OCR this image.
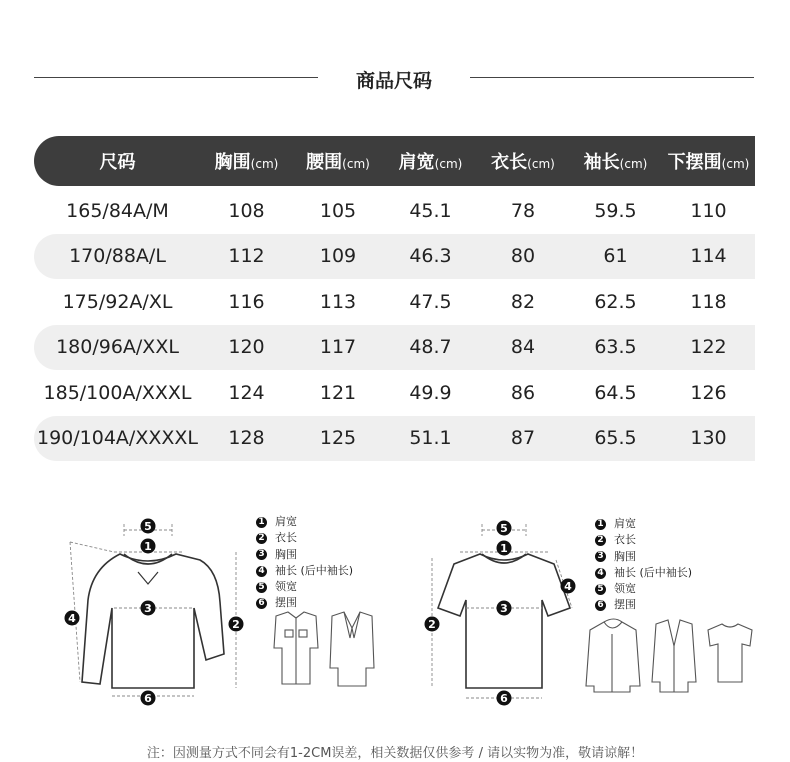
商品尺码
尺码	胸围(cm)	腰围(cm)	肩宽(cm)	衣长(cm)	袖长(cm)	下摆围(cm)
165/84A/M	108	105	45.1	78	59.5	110
170/88A/L	112	109	46.3	80	61	114
175/92A/XL	116	113	47.5	82	62.5	118
180/96A/XXL	120	117	48.7	84	63.5	122
185/100A/XXXL	124	121	49.9	86	64.5	126
190/104A/XXXXL	128	125	51.1	87	65.5	130
5
1
3
4	2
6
1 肩宽
2 衣长
3 胸围
4 袖长 (后中袖长)
5 领宽
6 摆围
5
1
4
3
2
6
1 肩宽
2 衣长
3 胸围
4 袖长 (后中袖长)
5 领宽
6 摆围
注：因测量方式不同会有1-2CM误差，相关数据仅供参考 / 请以实物为准，敬请谅解！
